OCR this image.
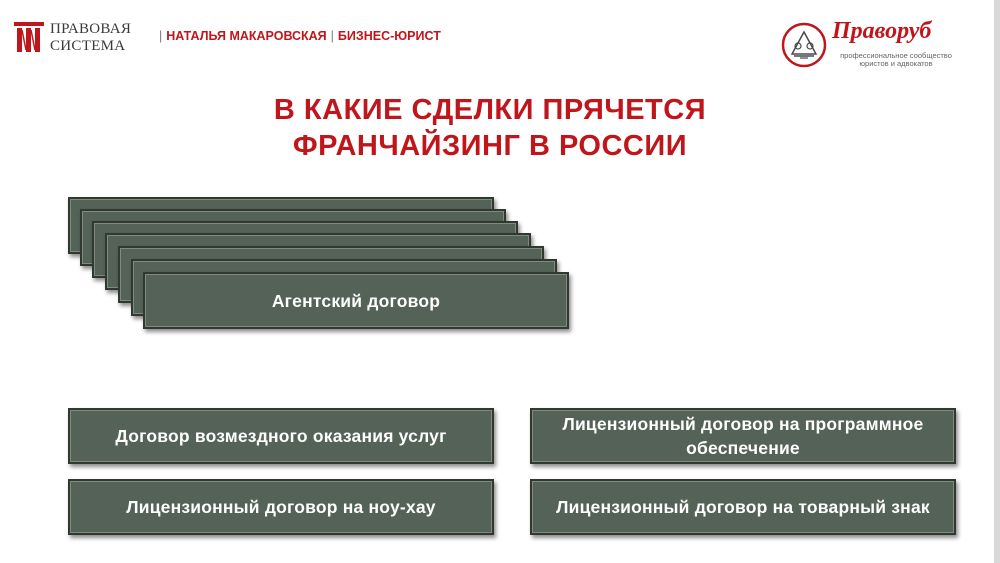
ПРАВОВАЯ
СИСТЕМА
| НАТАЛЬЯ МАКАРОВСКАЯ | БИЗНЕС-ЮРИСТ	Праворуб
профессиональное сообщество юристов и адвокатов
В КАКИЕ СДЕЛКИ ПРЯЧЕТСЯ
ФРАНЧАЙЗИНГ В РОССИИ
Агентский договор
Договор возмездного оказания услуг
Лицензионный договор на программное обеспечение
Лицензионный договор на ноу-хау	Лицензионный договор на товарный знак
